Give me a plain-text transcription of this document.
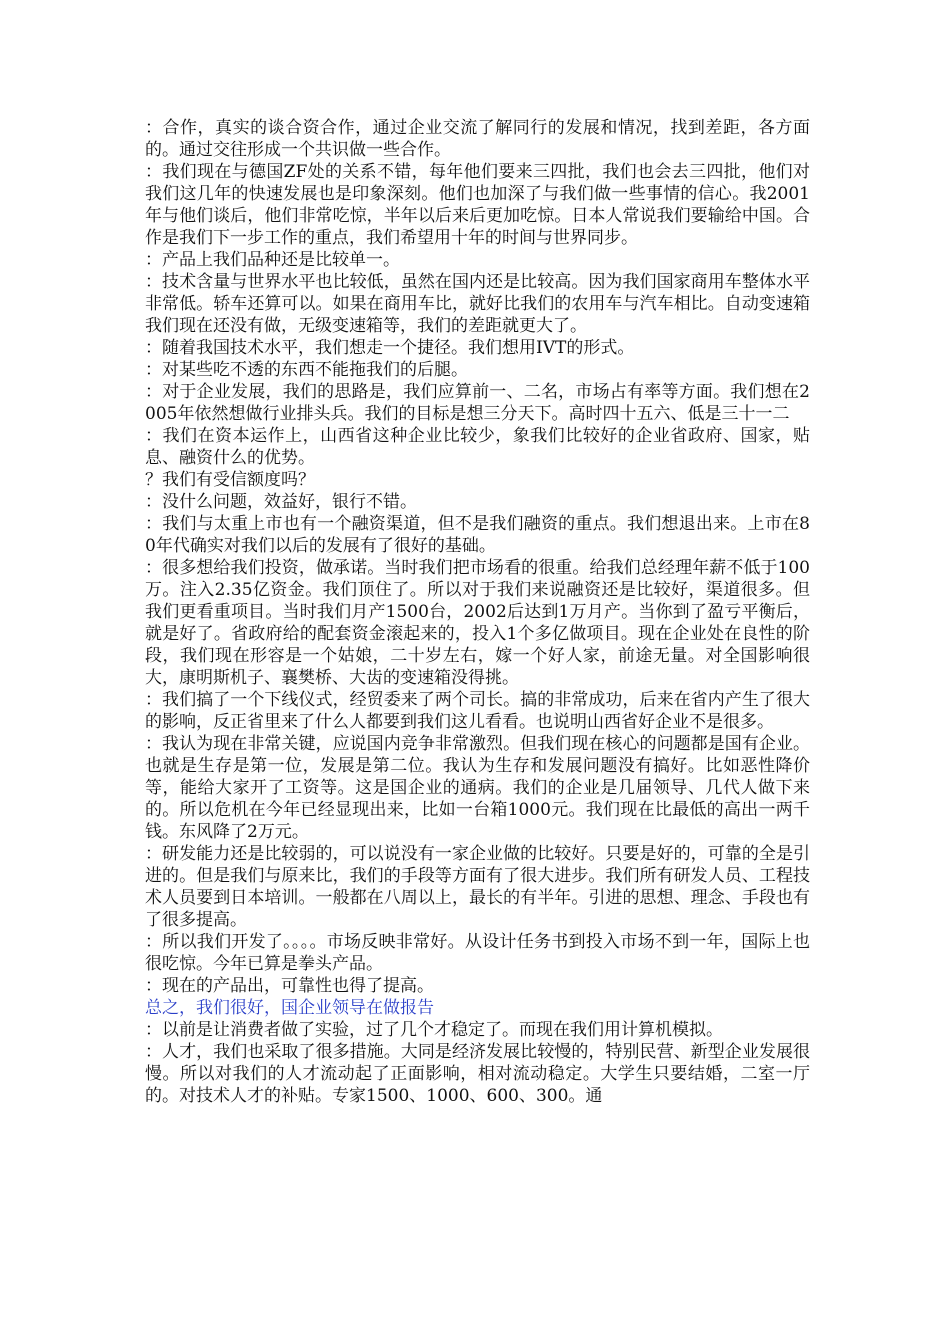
：合作，真实的谈合资合作，通过企业交流了解同行的发展和情况，找到差距，各方面的。通过交往形成一个共识做一些合作。

：我们现在与德国ZF处的关系不错，每年他们要来三四批，我们也会去三四批，他们对我们这几年的快速发展也是印象深刻。他们也加深了与我们做一些事情的信心。我2001年与他们谈后，他们非常吃惊，半年以后来后更加吃惊。日本人常说我们要输给中国。合作是我们下一步工作的重点，我们希望用十年的时间与世界同步。

：产品上我们品种还是比较单一。

：技术含量与世界水平也比较低，虽然在国内还是比较高。因为我们国家商用车整体水平非常低。轿车还算可以。如果在商用车比，就好比我们的农用车与汽车相比。自动变速箱我们现在还没有做，无级变速箱等，我们的差距就更大了。

：随着我国技术水平，我们想走一个捷径。我们想用IVT的形式。

：对某些吃不透的东西不能拖我们的后腿。

：对于企业发展，我们的思路是，我们应算前一、二名，市场占有率等方面。我们想在2005年依然想做行业排头兵。我们的目标是想三分天下。高时四十五六、低是三十一二

：我们在资本运作上，山西省这种企业比较少，象我们比较好的企业省政府、国家，贴息、融资什么的优势。

？我们有受信额度吗？

：没什么问题，效益好，银行不错。

：我们与太重上市也有一个融资渠道，但不是我们融资的重点。我们想退出来。上市在80年代确实对我们以后的发展有了很好的基础。

：很多想给我们投资，做承诺。当时我们把市场看的很重。给我们总经理年薪不低于100万。注入2.35亿资金。我们顶住了。所以对于我们来说融资还是比较好，渠道很多。但我们更看重项目。当时我们月产1500台，2002后达到1万月产。当你到了盈亏平衡后，就是好了。省政府给的配套资金滚起来的，投入1个多亿做项目。现在企业处在良性的阶段，我们现在形容是一个姑娘，二十岁左右，嫁一个好人家，前途无量。对全国影响很大，康明斯机子、襄樊桥、大齿的变速箱没得挑。

：我们搞了一个下线仪式，经贸委来了两个司长。搞的非常成功，后来在省内产生了很大的影响，反正省里来了什么人都要到我们这儿看看。也说明山西省好企业不是很多。

：我认为现在非常关键，应说国内竞争非常激烈。但我们现在核心的问题都是国有企业。也就是生存是第一位，发展是第二位。我认为生存和发展问题没有搞好。比如恶性降价等，能给大家开了工资等。这是国企业的通病。我们的企业是几届领导、几代人做下来的。所以危机在今年已经显现出来，比如一台箱1000元。我们现在比最低的高出一两千钱。东风降了2万元。

：研发能力还是比较弱的，可以说没有一家企业做的比较好。只要是好的，可靠的全是引进的。但是我们与原来比，我们的手段等方面有了很大进步。我们所有研发人员、工程技术人员要到日本培训。一般都在八周以上，最长的有半年。引进的思想、理念、手段也有了很多提高。

：所以我们开发了。。。。市场反映非常好。从设计任务书到投入市场不到一年，国际上也很吃惊。今年已算是拳头产品。

：现在的产品出，可靠性也得了提高。

总之，我们很好，国企业领导在做报告

：以前是让消费者做了实验，过了几个才稳定了。而现在我们用计算机模拟。

：人才，我们也采取了很多措施。大同是经济发展比较慢的，特别民营、新型企业发展很慢。所以对我们的人才流动起了正面影响，相对流动稳定。大学生只要结婚，二室一厅的。对技术人才的补贴。专家1500、1000、600、300。通
